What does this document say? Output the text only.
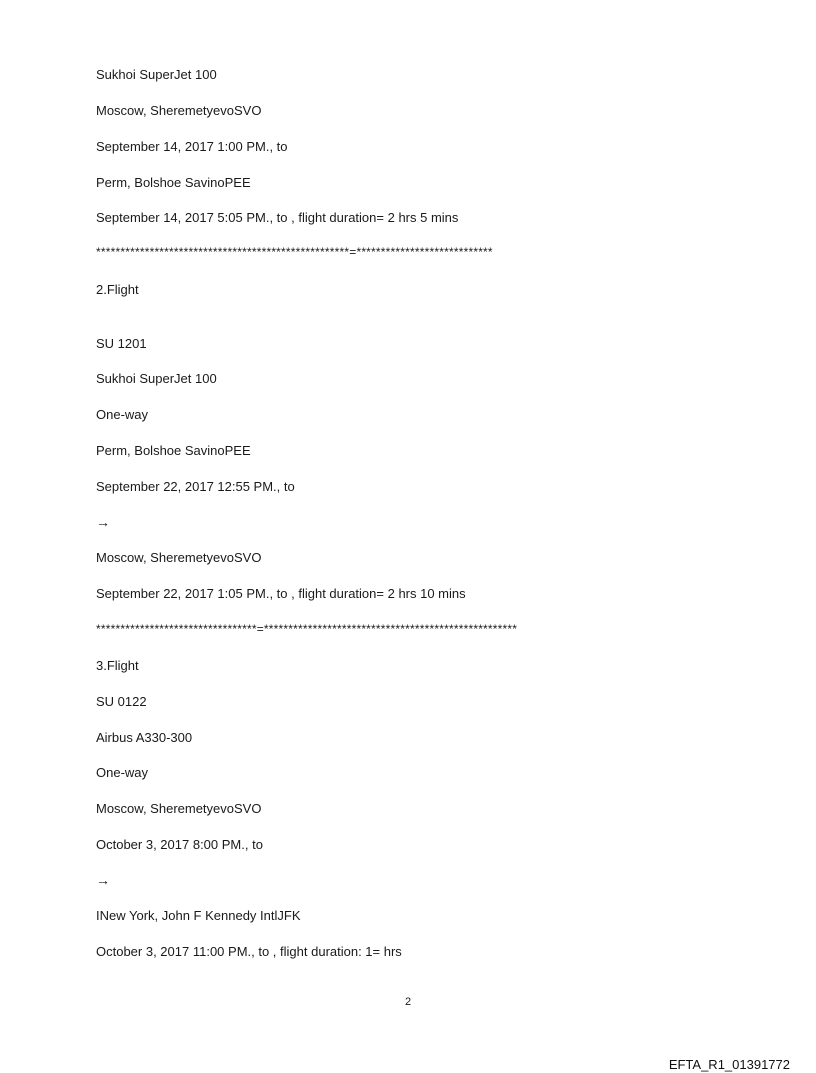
Sukhoi SuperJet 100
Moscow, SheremetyevoSVO
September 14, 2017 1:00 PM., to
Perm, Bolshoe SavinoPEE
September 14, 2017 5:05 PM., to , flight duration= 2 hrs 5 mins
****************************************************=****************************
2.Flight
SU 1201
Sukhoi SuperJet 100
One-way
Perm, Bolshoe SavinoPEE
September 22, 2017 12:55 PM., to
→
Moscow, SheremetyevoSVO
September 22, 2017 1:05 PM., to , flight duration= 2 hrs 10 mins
*********************************=****************************************************
3.Flight
SU 0122
Airbus A330-300
One-way
Moscow, SheremetyevoSVO
October 3, 2017 8:00 PM., to
→
INew York, John F Kennedy IntlJFK
October 3, 2017 11:00 PM., to , flight duration: 1= hrs
2
EFTA_R1_01391772
